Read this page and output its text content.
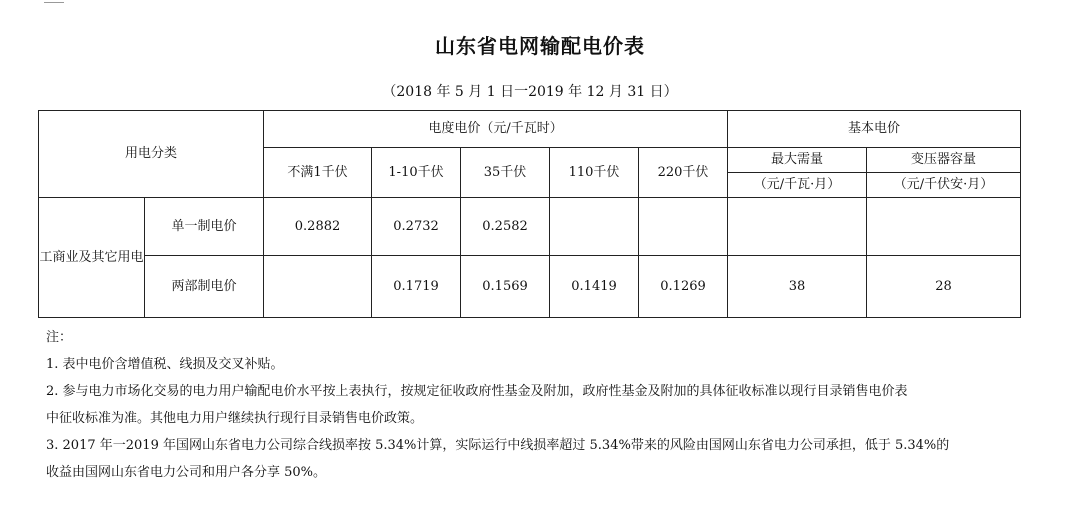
山东省电网输配电价表
（2018 年 5 月 1 日一2019 年 12 月 31 日）
用电分类		电度电价（元/千瓦时）					基本电价	
		不满1千伏	1-10千伏	35千伏	110千伏	220千伏	最大需量	变压器容量
							（元/千瓦·月）	（元/千伏安·月）
工商业及其它用电	单一制电价	0.2882	0.2732	0.2582				
	两部制电价		0.1719	0.1569	0.1419	0.1269	38	28
注：
1. 表中电价含增值税、线损及交叉补贴。
2. 参与电力市场化交易的电力用户输配电价水平按上表执行，按规定征收政府性基金及附加，政府性基金及附加的具体征收标准以现行目录销售电价表
中征收标准为准。其他电力用户继续执行现行目录销售电价政策。
3. 2017 年一2019 年国网山东省电力公司综合线损率按 5.34%计算，实际运行中线损率超过 5.34%带来的风险由国网山东省电力公司承担，低于 5.34%的
收益由国网山东省电力公司和用户各分享 50%。
